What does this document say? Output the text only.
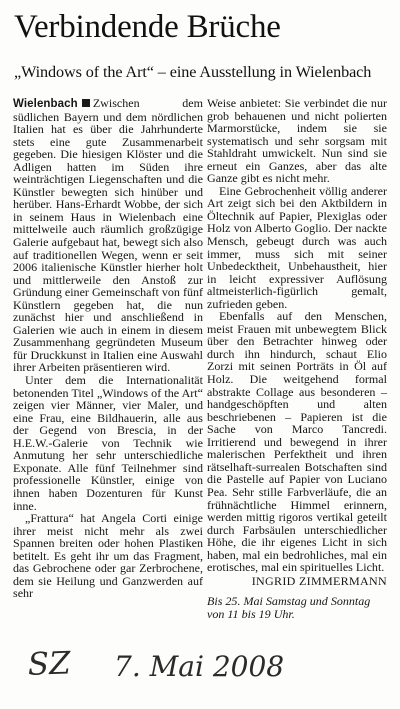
Verbindende Brüche
„Windows of the Art“ – eine Ausstellung in Wielenbach

Wielenbach Zwischen dem südlichen Bayern und dem nördlichen Italien hat es über die Jahrhunderte stets eine gute Zusammenarbeit gegeben. Die hiesigen Klöster und die Adligen hatten im Süden ihre weinträchtigen Liegenschaften und die Künstler bewegten sich hinüber und herüber. Hans-Erhardt Wobbe, der sich in seinem Haus in Wielenbach eine mittelweile auch räumlich großzügige Galerie aufgebaut hat, bewegt sich also auf traditionellen Wegen, wenn er seit 2006 italienische Künstler hierher holt und mittlerweile den Anstoß zur Gründung einer Gemeinschaft von fünf Künstlern gegeben hat, die nun zunächst hier und anschließend in Galerien wie auch in einem in diesem Zusammenhang gegründeten Museum für Druckkunst in Italien eine Auswahl ihrer Arbeiten präsentieren wird.

Unter dem die Internationalität betonenden Titel „Windows of the Art“ zeigen vier Männer, vier Maler, und eine Frau, eine Bildhauerin, alle aus der Gegend von Brescia, in der H.E.W.-Galerie von Technik wie Anmutung her sehr unterschiedliche Exponate. Alle fünf Teilnehmer sind professionelle Künstler, einige von ihnen haben Dozenturen für Kunst inne.

„Frattura“ hat Angela Corti einige ihrer meist nicht mehr als zwei Spannen breiten oder hohen Plastiken betitelt. Es geht ihr um das Fragment, das Gebrochene oder gar Zerbrochene, dem sie Heilung und Ganzwerden auf sehr

Weise anbietet: Sie verbindet die nur grob behauenen und nicht polierten Marmorstücke, indem sie sie systematisch und sehr sorgsam mit Stahldraht umwickelt. Nun sind sie erneut ein Ganzes, aber das alte Ganze gibt es nicht mehr.

Eine Gebrochenheit völlig anderer Art zeigt sich bei den Aktbildern in Öltechnik auf Papier, Plexiglas oder Holz von Alberto Goglio. Der nackte Mensch, gebeugt durch was auch immer, muss sich mit seiner Unbedecktheit, Unbehaustheit, hier in leicht expressiver Auflösung altmeisterlich-figürlich gemalt, zufrieden geben.

Ebenfalls auf den Menschen, meist Frauen mit unbewegtem Blick über den Betrachter hinweg oder durch ihn hindurch, schaut Elio Zorzi mit seinen Porträts in Öl auf Holz. Die weitgehend formal abstrakte Collage aus besonderen – handgeschöpften und alten beschriebenen – Papieren ist die Sache von Marco Tancredi. Irritierend und bewegend in ihrer malerischen Perfektheit und ihren rätselhaft-surrealen Botschaften sind die Pastelle auf Papier von Luciano Pea. Sehr stille Farbverläufe, die an frühnächtliche Himmel erinnern, werden mittig rigoros vertikal geteilt durch Farbsäulen unterschiedlicher Höhe, die ihr eigenes Licht in sich haben, mal ein bedrohliches, mal ein erotisches, mal ein spirituelles Licht.

INGRID ZIMMERMANN

Bis 25. Mai Samstag und Sonntag von 11 bis 19 Uhr.

SZ 7. Mai 2008
